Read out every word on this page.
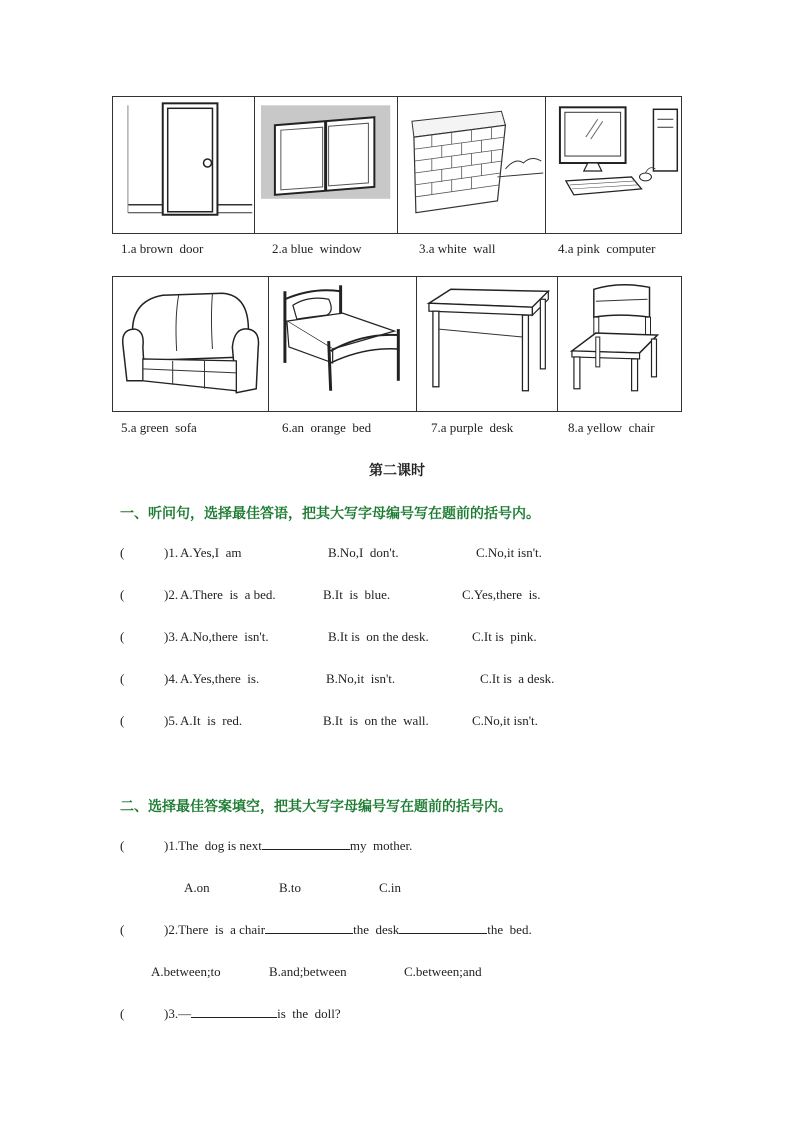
1.a brown  door	2.a blue  window	3.a white  wall	4.a pink  computer
5.a green  sofa	6.an  orange  bed	7.a purple  desk	8.a yellow  chair
第二课时
一、听问句，选择最佳答语，把其大写字母编号写在题前的括号内。

(

	)1.

A.Yes,I  am

	B.No,I  don't.

	C.No,it isn't.

(

	)2.

A.There  is  a bed.

	B.It  is  blue.

	C.Yes,there  is.

(

	)3.

A.No,there  isn't.

	B.It is  on the desk.

	C.It is  pink.

(

	)4.

A.Yes,there  is.

	B.No,it  isn't.

	C.It is  a desk.

(

	)5.

A.It  is  red.

	B.It  is  on the  wall.

	C.No,it isn't.

二、选择最佳答案填空，把其大写字母编号写在题前的括号内。

(

	)1.The  dog is next	my  mother.

A.on

	B.to

	C.in

(

	)2.There  is  a chair	the  desk	the  bed.

A.between;to

	B.and;between

	C.between;and

(

	)3.—	is  the  doll?
